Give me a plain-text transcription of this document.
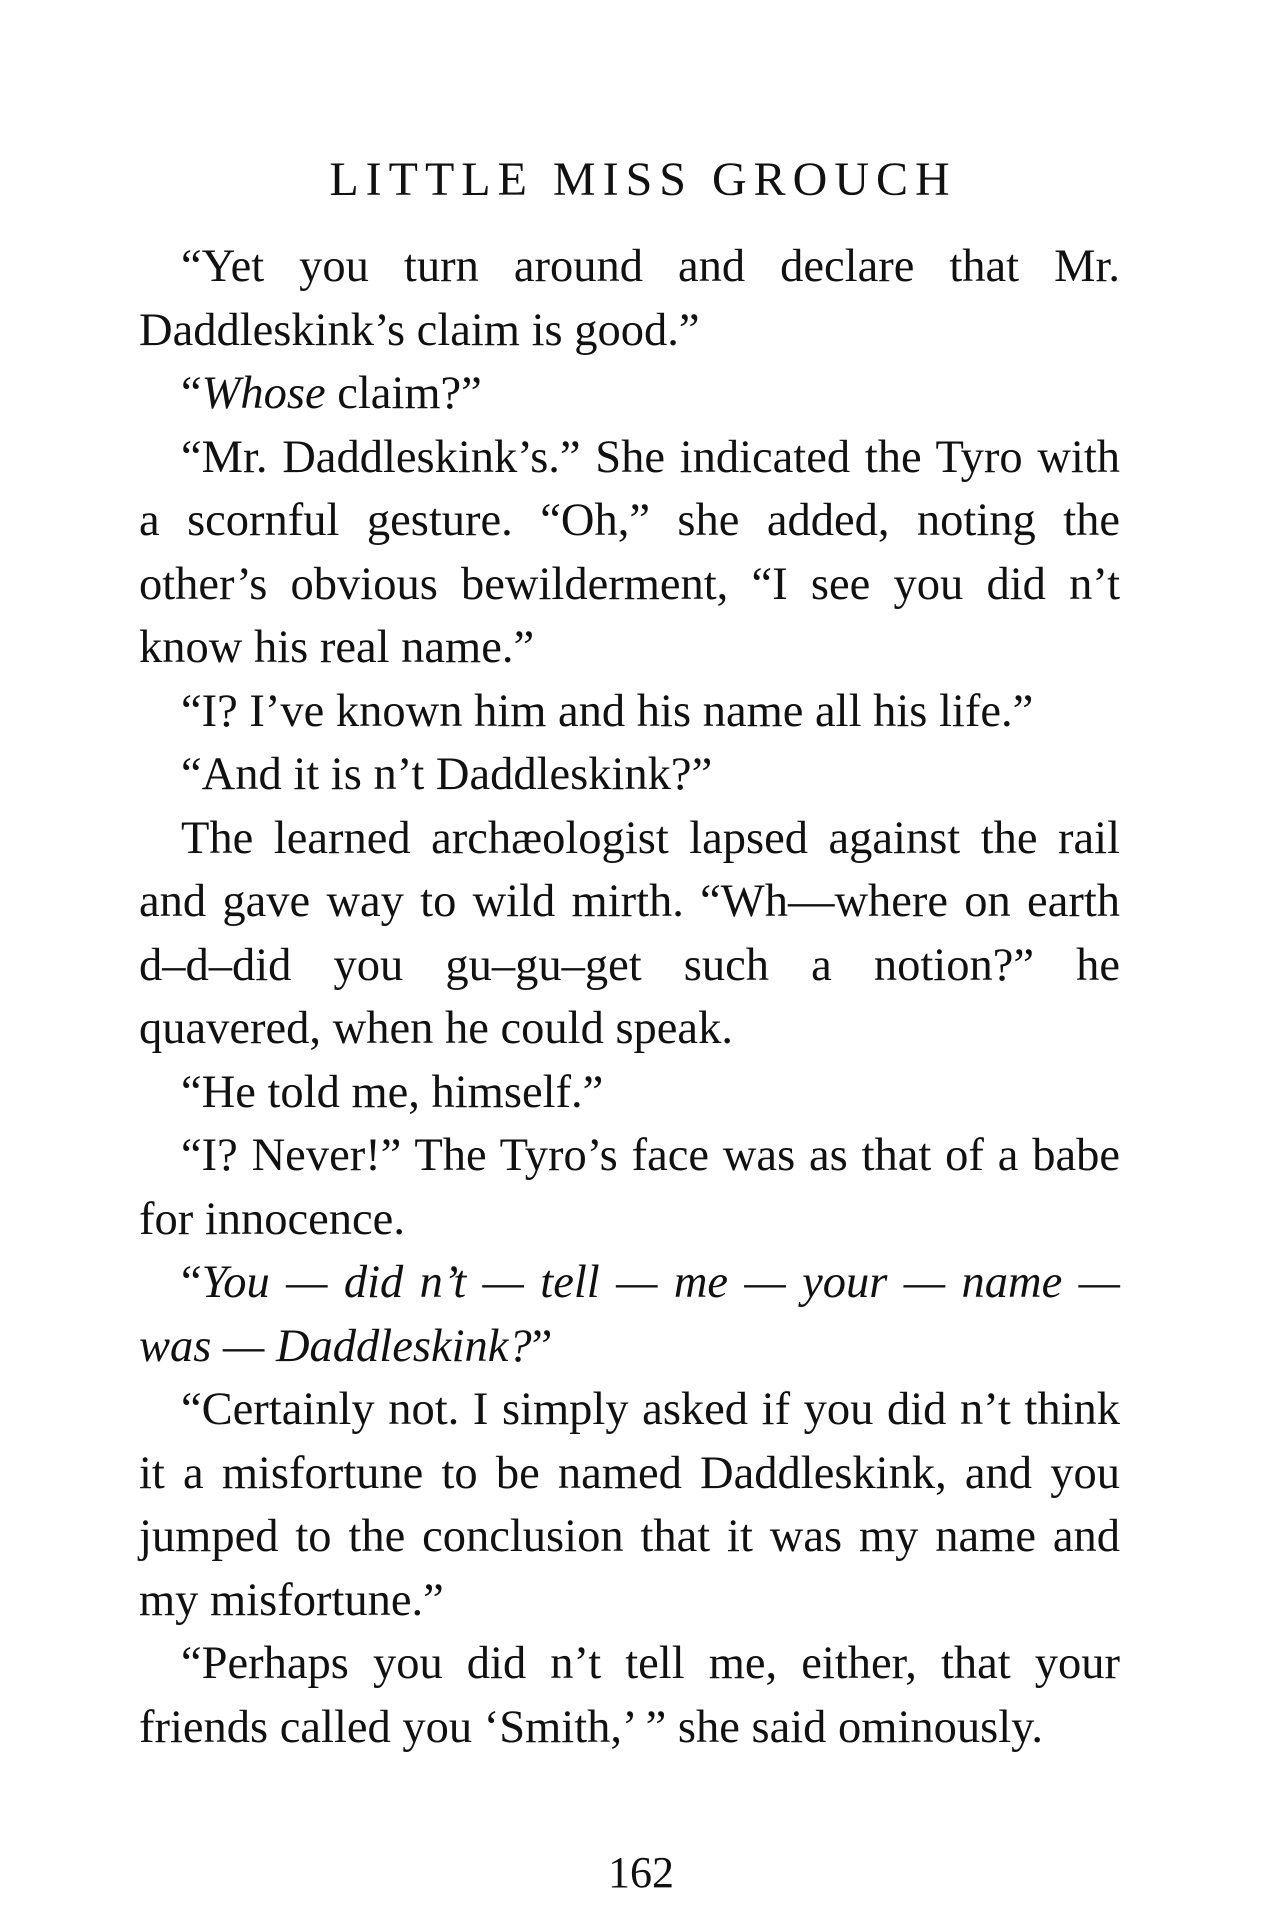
LITTLE MISS GROUCH

“Yet you turn around and declare that Mr. Daddleskink’s claim is good.”

“Whose claim?”

“Mr. Daddleskink’s.” She indicated the Tyro with a scornful gesture. “Oh,” she added, noting the other’s obvious bewilderment, “I see you did n’t know his real name.”

“I? I’ve known him and his name all his life.”

“And it is n’t Daddleskink?”

The learned archæologist lapsed against the rail and gave way to wild mirth. “Wh—where on earth d–d–did you gu–gu–get such a notion?” he quavered, when he could speak.

“He told me, himself.”

“I? Never!” The Tyro’s face was as that of a babe for innocence.

“You — did n’t — tell — me — your — name — was — Daddleskink?”

“Certainly not. I simply asked if you did n’t think it a misfortune to be named Daddleskink, and you jumped to the conclusion that it was my name and my misfortune.”

“Perhaps you did n’t tell me, either, that your friends called you ‘Smith,’ ” she said ominously.

162
